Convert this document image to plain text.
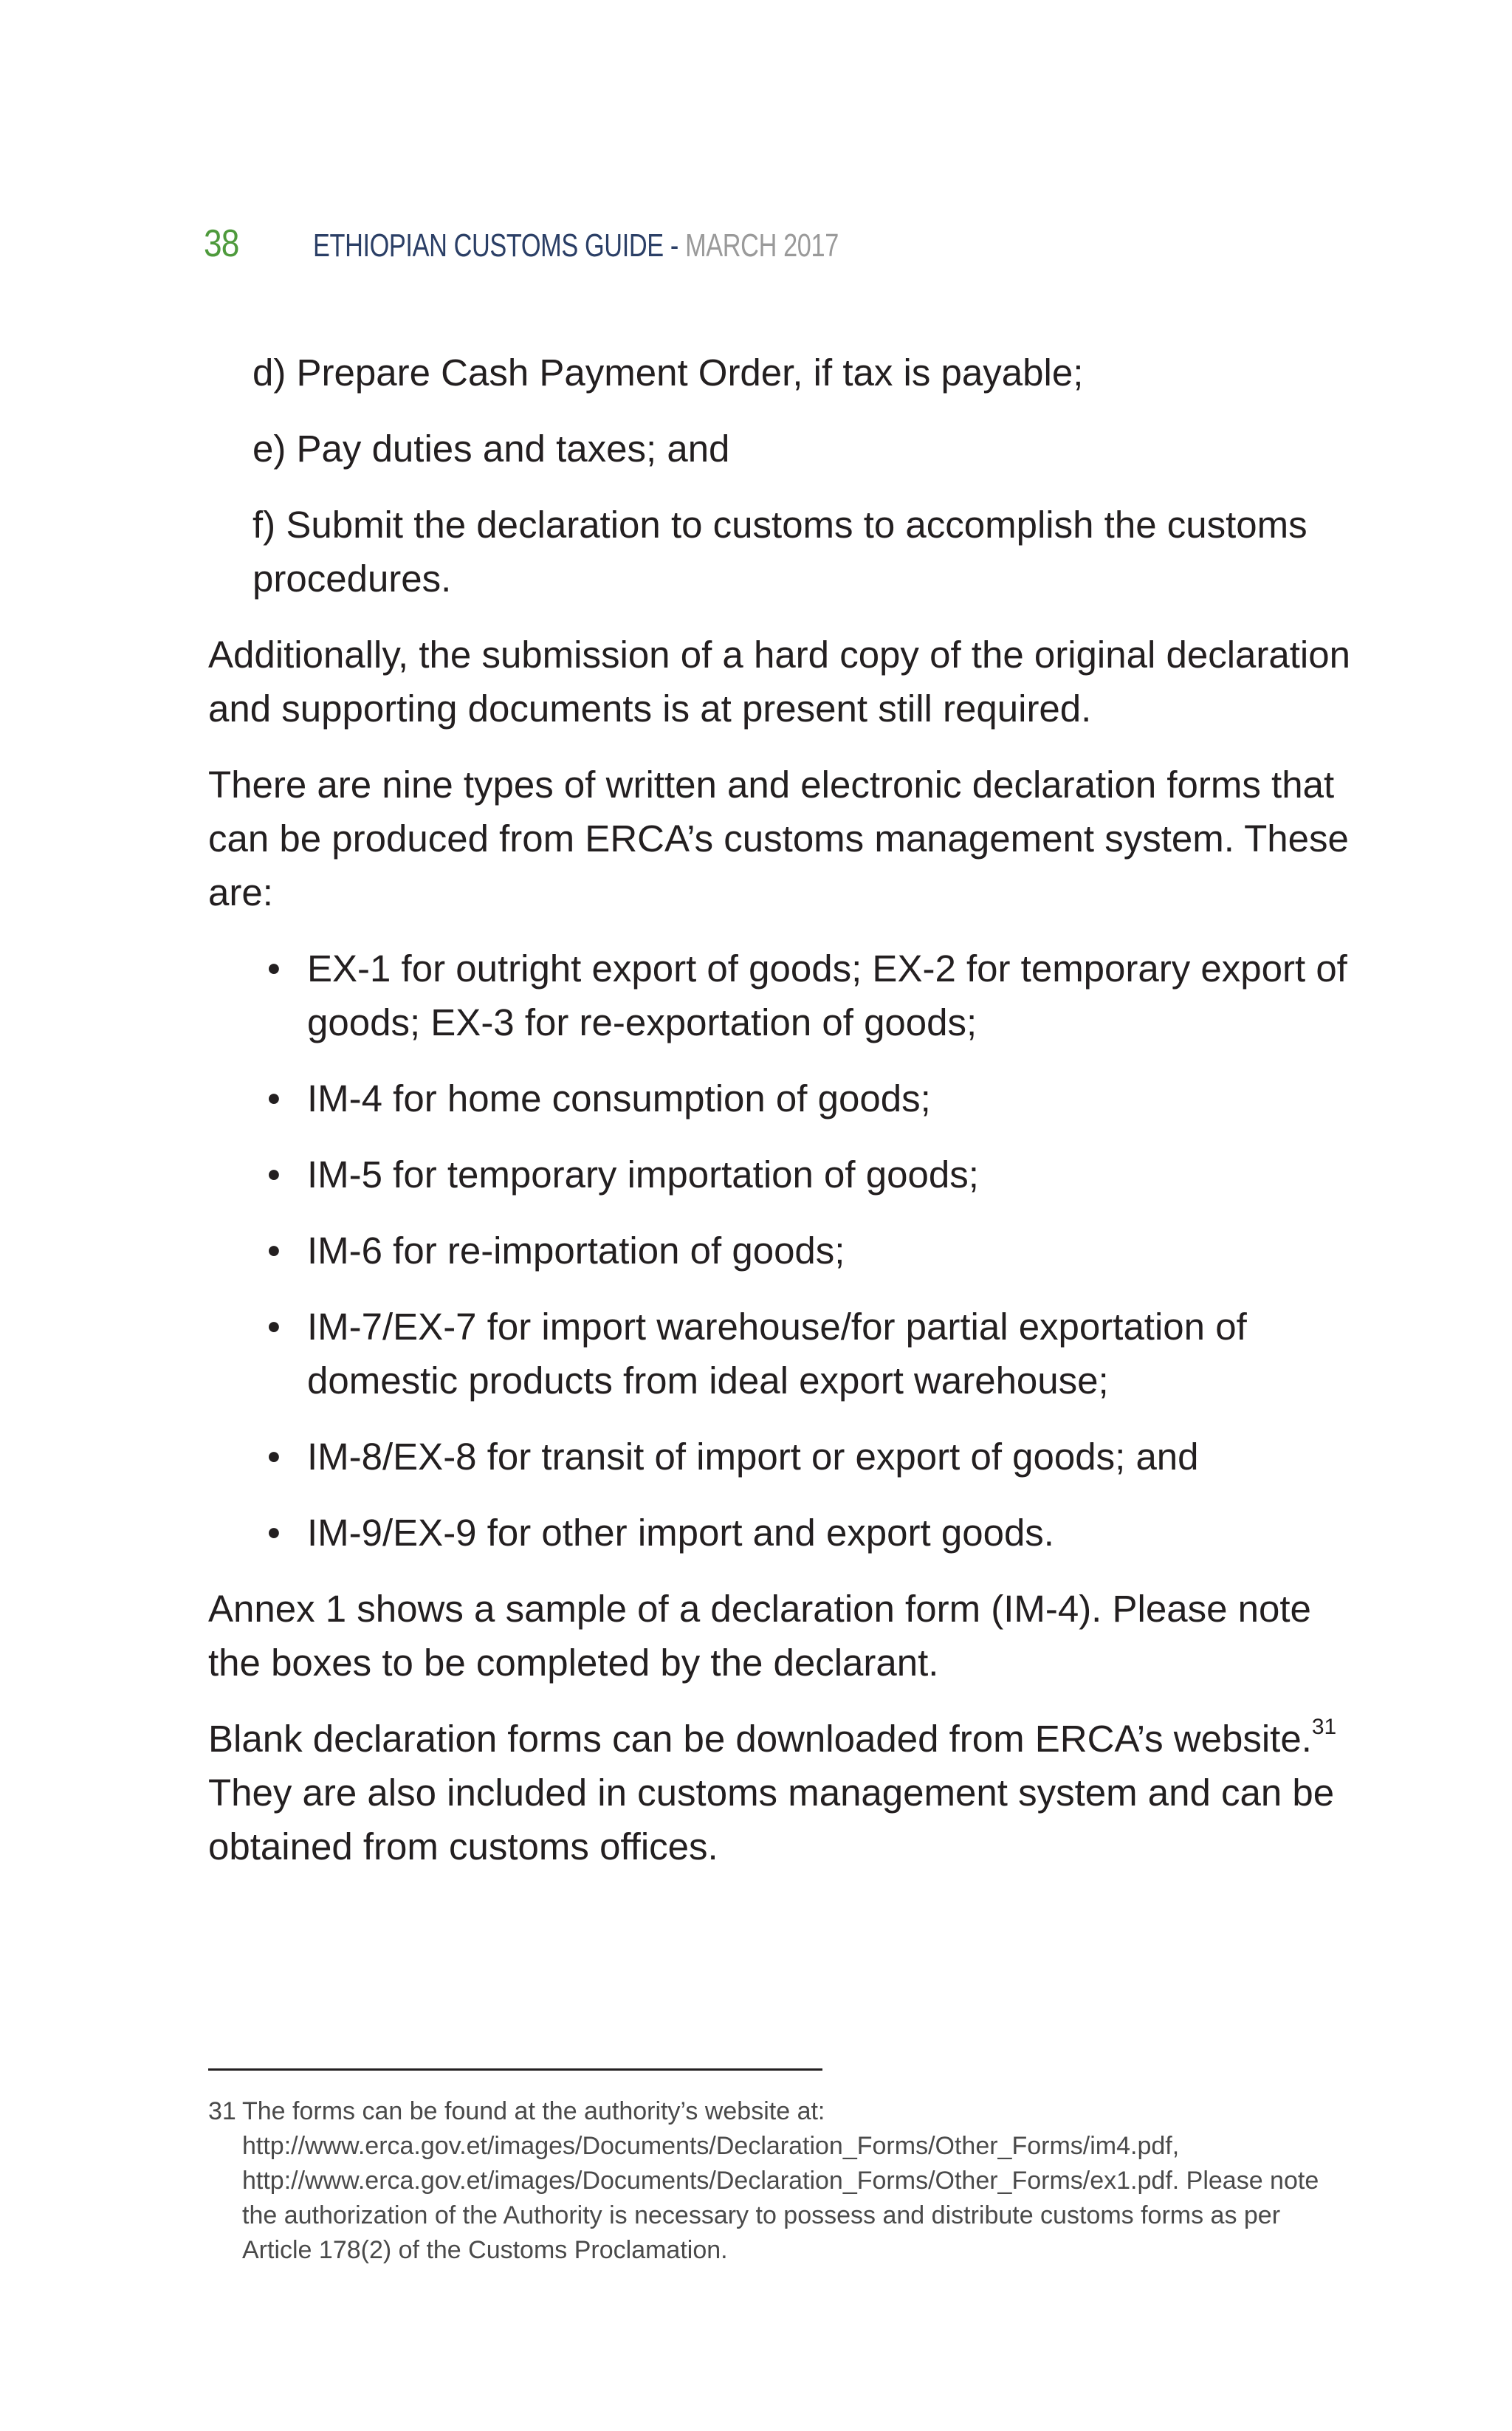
38	ETHIOPIAN CUSTOMS GUIDE - MARCH 2017

d) Prepare Cash Payment Order, if tax is payable;

e) Pay duties and taxes; and

f) Submit the declaration to customs to accomplish the customs procedures.

Additionally, the submission of a hard copy of the original declaration and supporting documents is at present still required.

There are nine types of written and electronic declaration forms that can be produced from ERCA’s customs management system. These are:

• EX-1 for outright export of goods; EX-2 for temporary export of goods; EX-3 for re-exportation of goods;
• IM-4 for home consumption of goods;
• IM-5 for temporary importation of goods;
• IM-6 for re-importation of goods;
• IM-7/EX-7 for import warehouse/for partial exportation of domestic products from ideal export warehouse;
• IM-8/EX-8 for transit of import or export of goods; and
• IM-9/EX-9 for other import and export goods.

Annex 1 shows a sample of a declaration form (IM-4). Please note the boxes to be completed by the declarant.

Blank declaration forms can be downloaded from ERCA’s website.$^{31}$ They are also included in customs management system and can be obtained from customs offices.

31 The forms can be found at the authority’s website at: http://www.erca.gov.et/images/Documents/Declaration_Forms/Other_Forms/im4.pdf, http://www.erca.gov.et/images/Documents/Declaration_Forms/Other_Forms/ex1.pdf. Please note the authorization of the Authority is necessary to possess and distribute customs forms as per Article 178(2) of the Customs Proclamation.
